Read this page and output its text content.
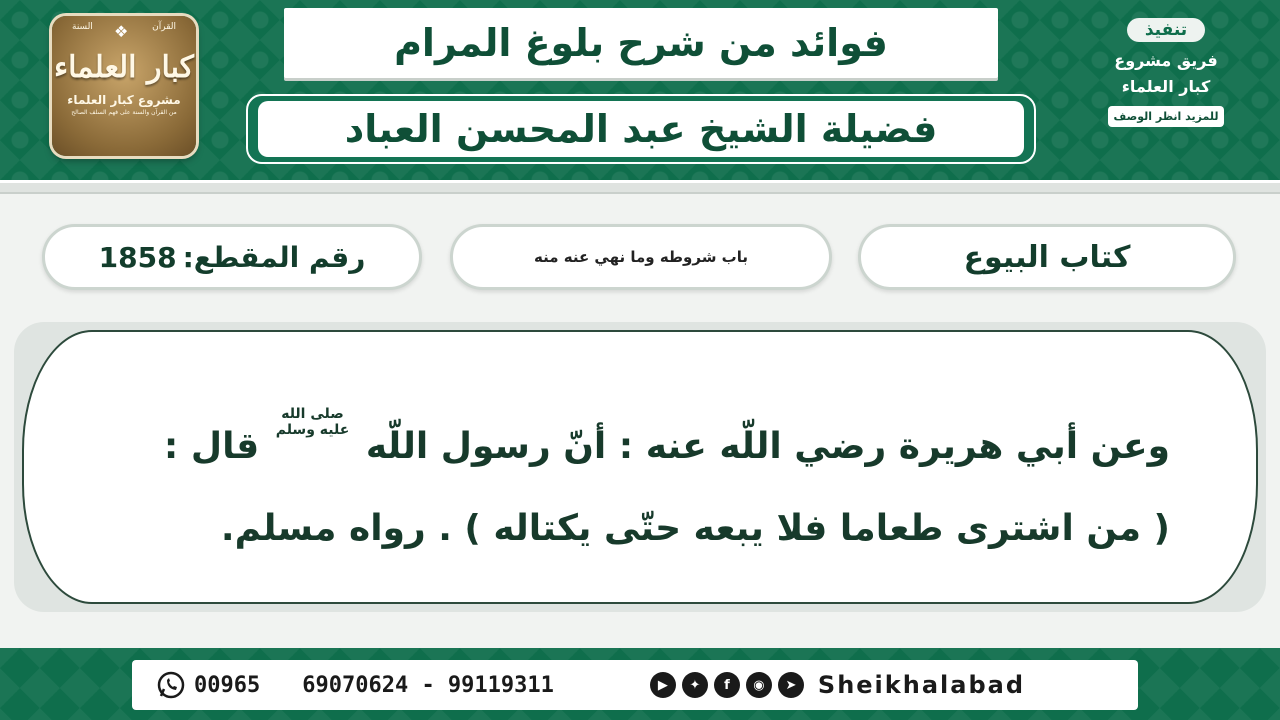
القرآن
السنة ❖
كبار العلماء
مشروع كبار العلماء
من القرآن والسنة على فهم السلف الصالح
فوائد من شرح بلوغ المرام
فضيلة الشيخ عبد المحسن العباد
تنفيذ
فريق مشروع
كبار العلماء
للمزيد انظر الوصف
كتاب البيوع
باب شروطه وما نهي عنه منه
رقم المقطع:
1858

وعن أبي هريرة رضي اللّه عنه : أنّ رسول اللّه صلى الله
عليه وسلم قال :

( من اشترى طعاما فلا يبعه حتّى يكتاله ) . رواه مسلم.

00965 69070624 - 99119311	▶	✦	f	◉	➤ Sheikhalabad
